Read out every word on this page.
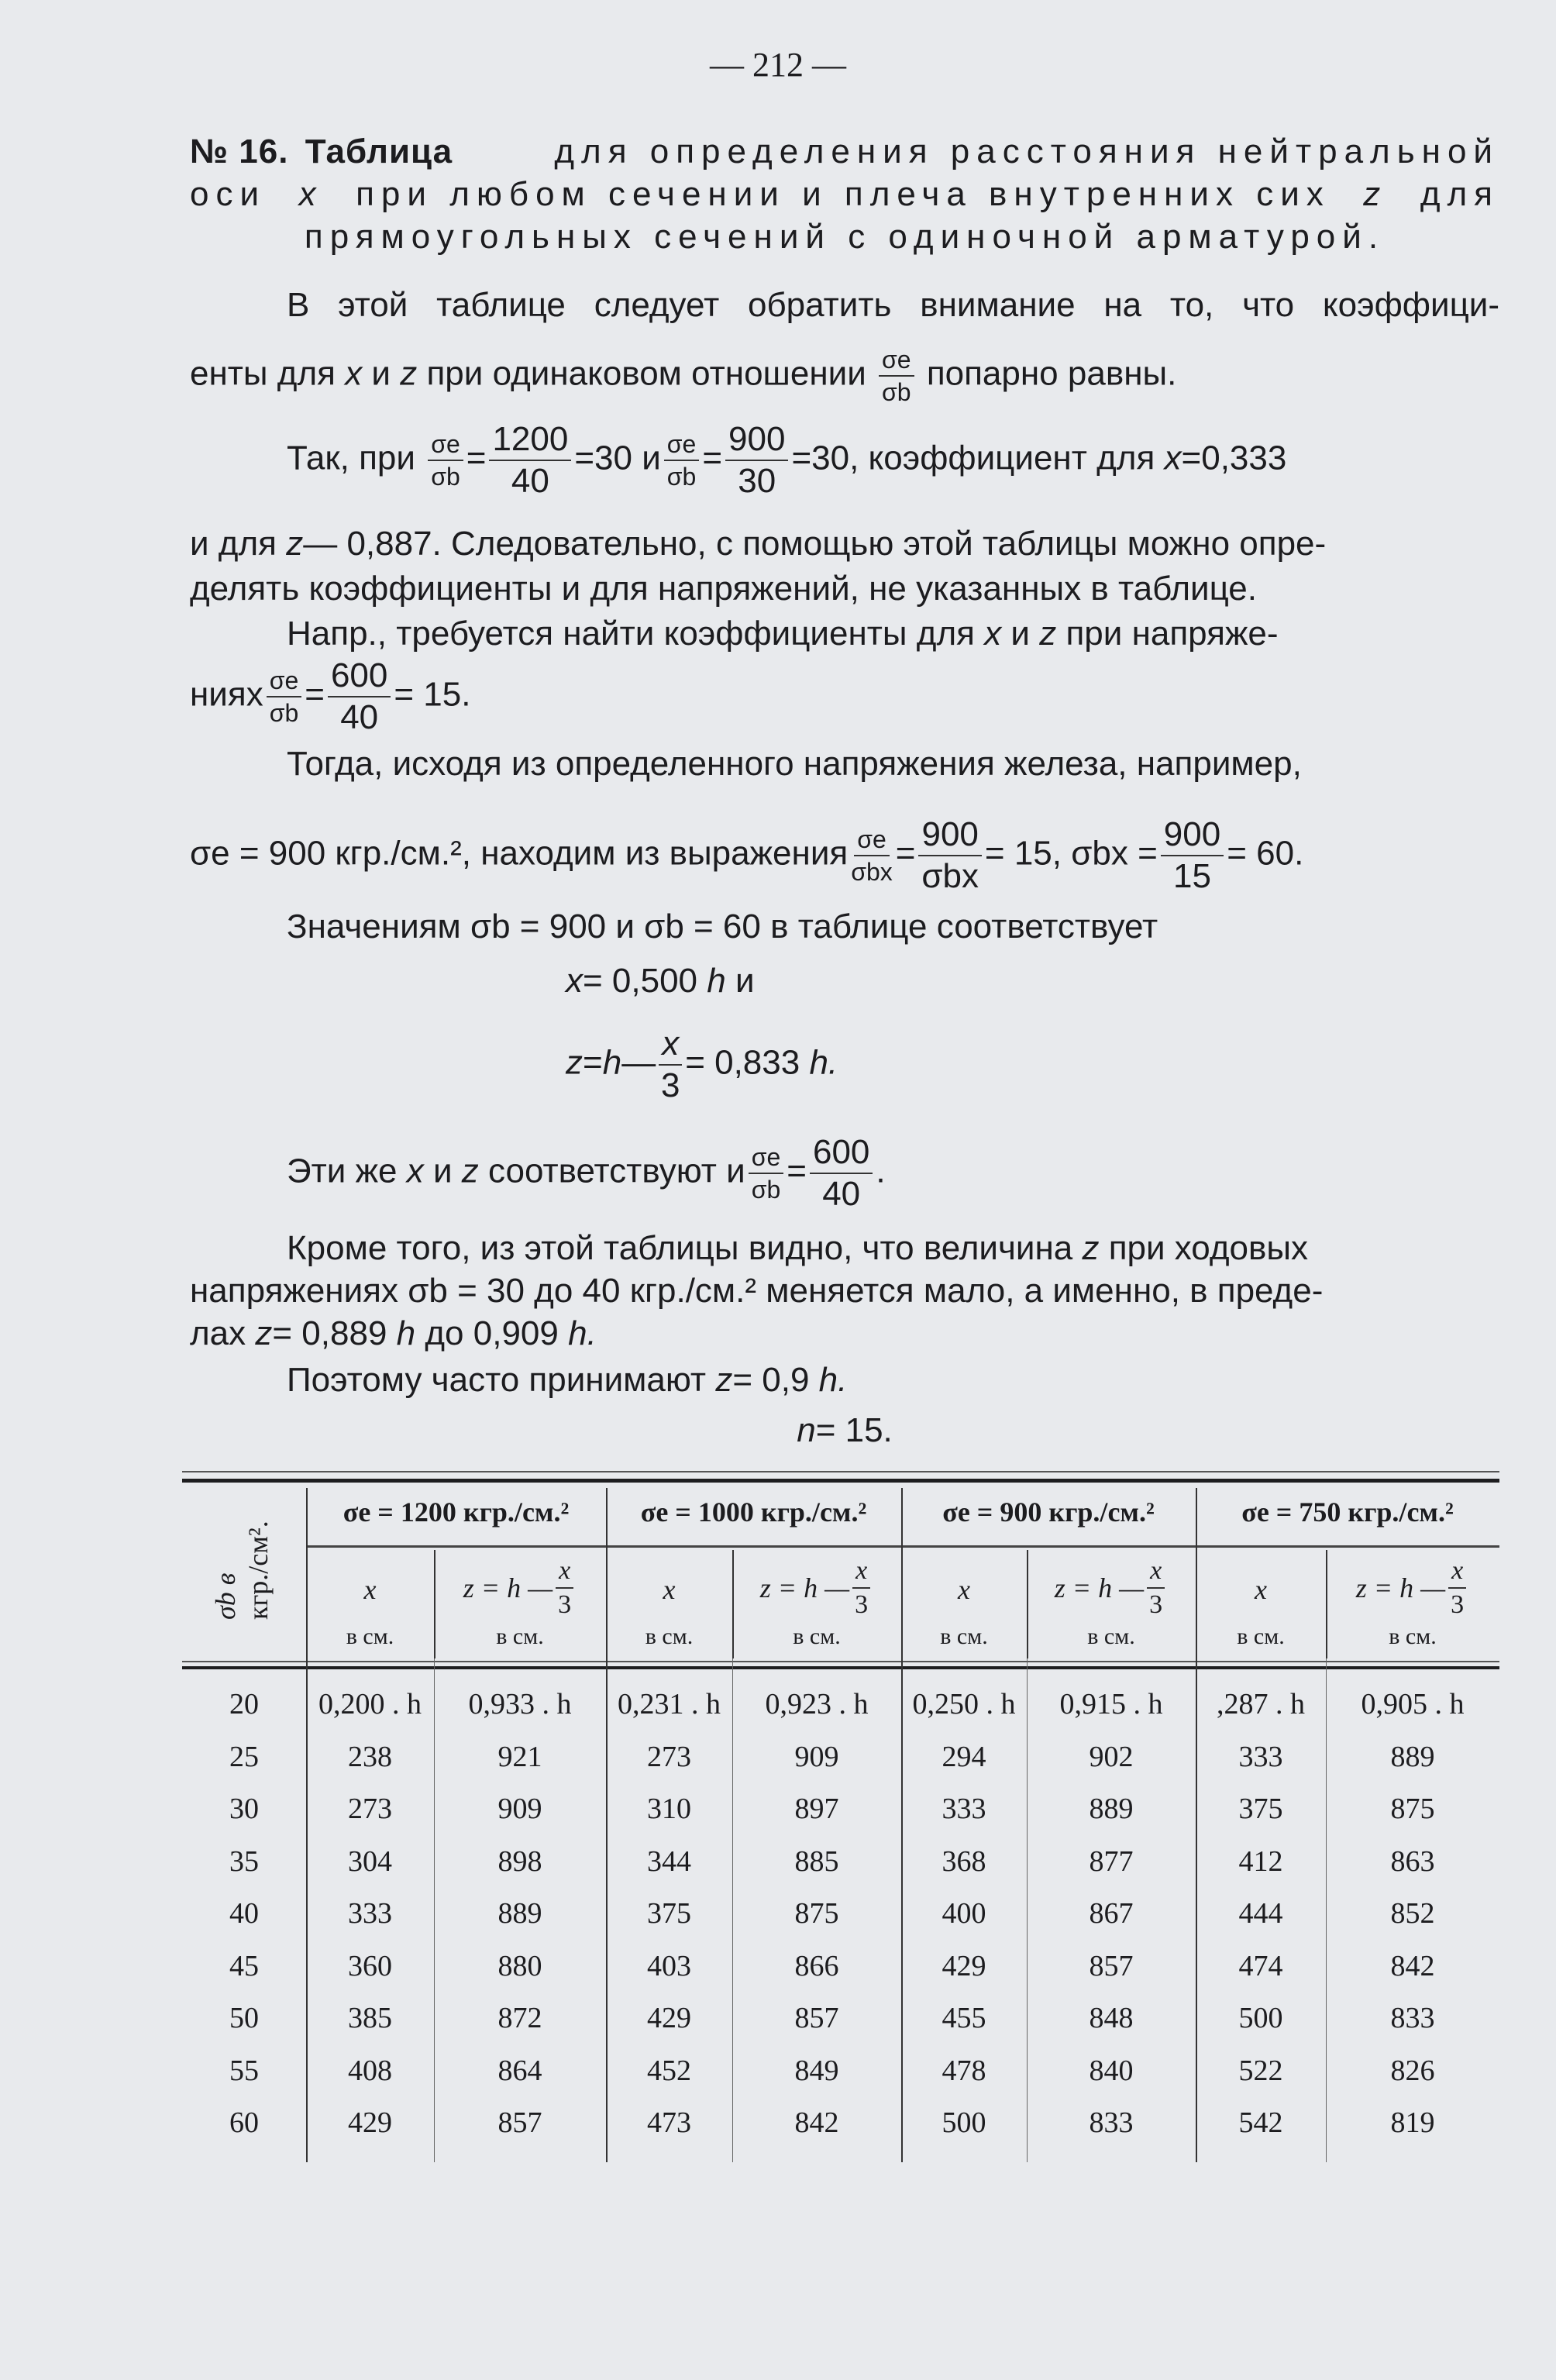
— 212 —
№ 16. Таблица	для определения расстояния нейтральной
оси x при любом сечении и плеча внутренних сих z для
прямоугольных сечений с одиночной арматурой.
В этой таблице следует обратить внимание на то, что коэффици-
енты для x и z при одинаковом отношении $\frac{\sigma e}{\sigma b}$ попарно равны.
Так, при $\frac{\sigma e}{\sigma b} = \frac{1200}{40} =30$ и $\frac{\sigma e}{\sigma b} = \frac{900}{30} =30$, коэффициент для x=0,333
и для z— 0,887. Следовательно, с помощью этой таблицы можно опре-
делять коэффициенты и для напряжений, не указанных в таблице.
Напр., требуется найти коэффициенты для x и z при напряже-
ниях $\frac{\sigma e}{\sigma b} = \frac{600}{40} = 15$.
Тогда, исходя из определенного напряжения железа, например,
σe = 900 кгр./см.², находим из выражения $\frac{\sigma e}{\text{σbx}} = \frac{900}{\text{σbx}} = 15$, $\sigma bx = \frac{900}{15} = 60$.
Значениям σb = 900 и σb = 60 в таблице соответствует
x= 0,500 h и
z=h— $\frac{x}{3} = 0,833$ h.
Эти же x и z соответствуют и $\frac{\sigma e}{\sigma b} = \frac{600}{40}$ .
Кроме того, из этой таблицы видно, что величина z при ходовых
напряжениях σb = 30 до 40 кгр./см.² меняется мало, а именно, в преде-
лах z= 0,889 h до 0,909 h.
Поэтому часто принимают z= 0,9 h.
n= 15.
σb в кгр./см².
σe = 1200 кгр./см.²	σe = 1000 кгр./см.²	σe = 900 кгр./см.²	σe = 750 кгр./см.²
x	z = h — $\frac{x}{3}$
в см.	в см.
x	z = h — $\frac{x}{3}$
в см.	в см.
x	z = h — $\frac{x}{3}$
в см.	в см.
x	z = h — $\frac{x}{3}$
в см.	в см.
20	0,200 . h	0,933 . h	0,231 . h	0,923 . h	0,250 . h	0,915 . h	,287 . h	0,905 . h
25	238	921	273	909	294	902	333	889
30	273	909	310	897	333	889	375	875
35	304	898	344	885	368	877	412	863
40	333	889	375	875	400	867	444	852
45	360	880	403	866	429	857	474	842
50	385	872	429	857	455	848	500	833
55	408	864	452	849	478	840	522	826
60	429	857	473	842	500	833	542	819
